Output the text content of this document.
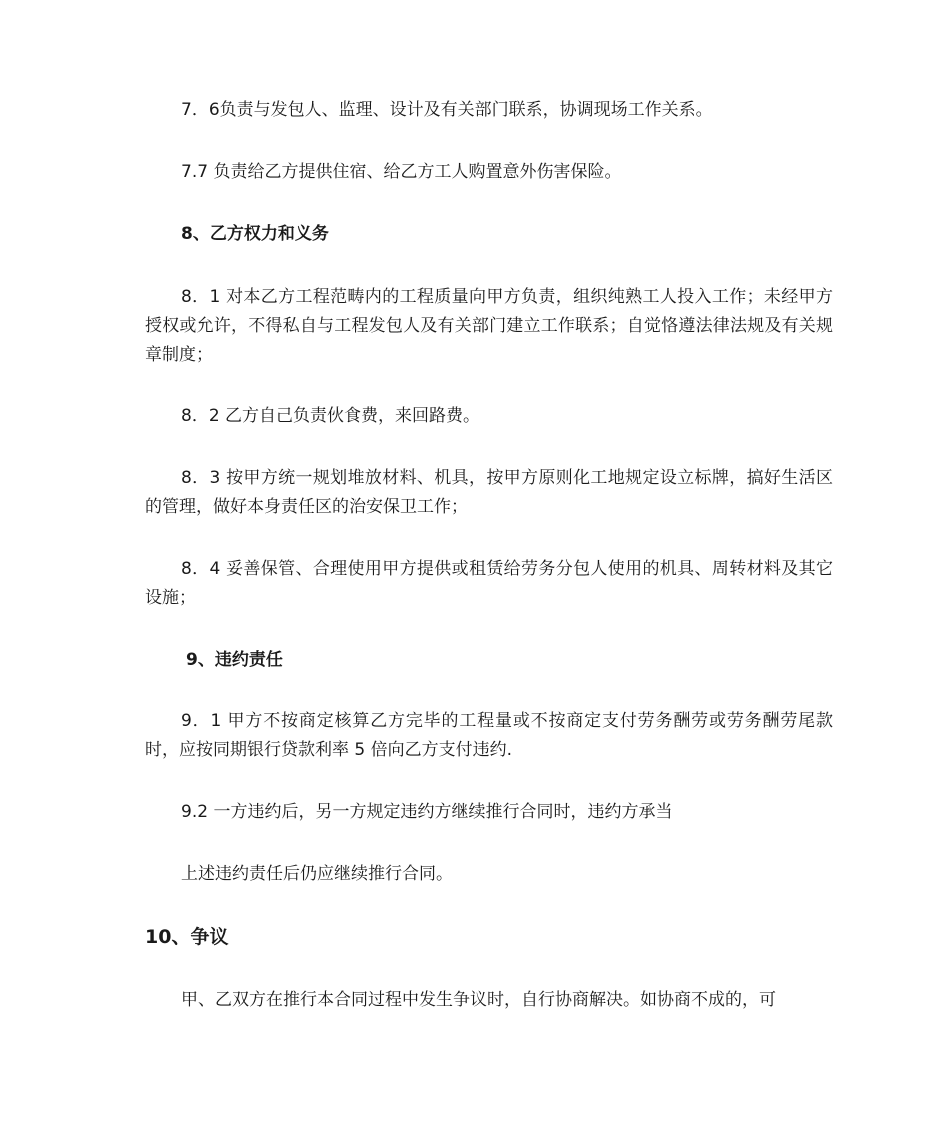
7．6负责与发包人、监理、设计及有关部门联系，协调现场工作关系。

7.7 负责给乙方提供住宿、给乙方工人购置意外伤害保险。

8、乙方权力和义务

8．1 对本乙方工程范畴内的工程质量向甲方负责，组织纯熟工人投入工作；未经甲方授权或允许，不得私自与工程发包人及有关部门建立工作联系；自觉恪遵法律法规及有关规章制度；

8．2 乙方自己负责伙食费，来回路费。

8．3 按甲方统一规划堆放材料、机具，按甲方原则化工地规定设立标牌，搞好生活区的管理，做好本身责任区的治安保卫工作；

8．4 妥善保管、合理使用甲方提供或租赁给劳务分包人使用的机具、周转材料及其它设施；

9、违约责任

9．1 甲方不按商定核算乙方完毕的工程量或不按商定支付劳务酬劳或劳务酬劳尾款时，应按同期银行贷款利率 5 倍向乙方支付违约.

9.2 一方违约后，另一方规定违约方继续推行合同时，违约方承当

上述违约责任后仍应继续推行合同。

10、争议

甲、乙双方在推行本合同过程中发生争议时，自行协商解决。如协商不成的，可
